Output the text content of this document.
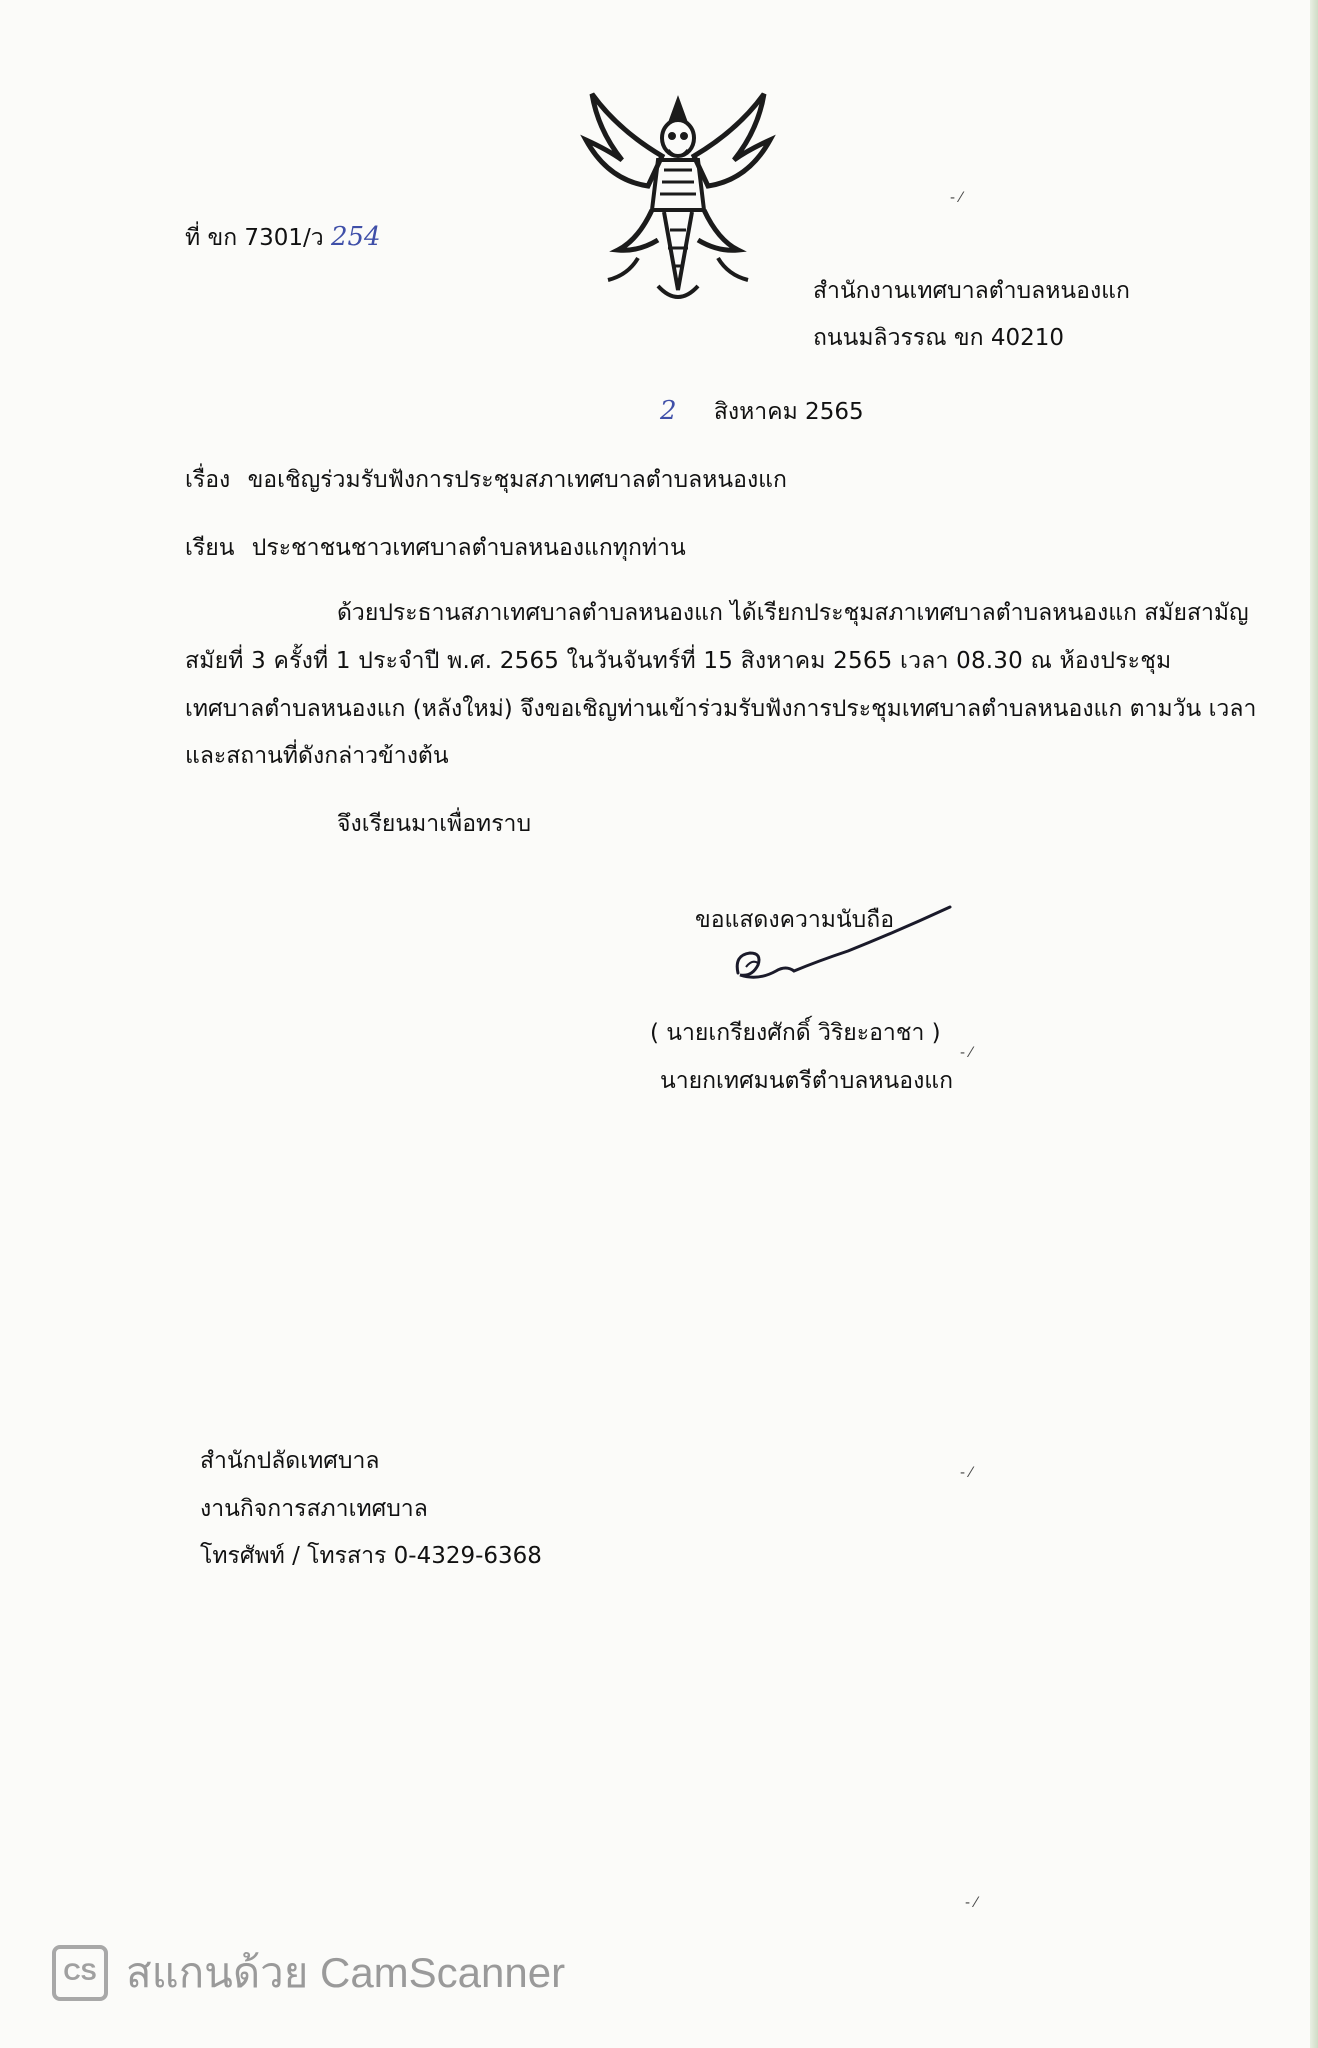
ที่ ขก 7301/ว 254
สำนักงานเทศบาลตำบลหนองแก
ถนนมลิวรรณ ขก 40210
2 สิงหาคม 2565
เรื่อง ขอเชิญร่วมรับฟังการประชุมสภาเทศบาลตำบลหนองแก
เรียน ประชาชนชาวเทศบาลตำบลหนองแกทุกท่าน
ด้วยประธานสภาเทศบาลตำบลหนองแก ได้เรียกประชุมสภาเทศบาลตำบลหนองแก สมัยสามัญ
สมัยที่ 3 ครั้งที่ 1 ประจำปี พ.ศ. 2565 ในวันจันทร์ที่ 15 สิงหาคม 2565 เวลา 08.30 ณ ห้องประชุม
เทศบาลตำบลหนองแก (หลังใหม่) จึงขอเชิญท่านเข้าร่วมรับฟังการประชุมเทศบาลตำบลหนองแก ตามวัน เวลา
และสถานที่ดังกล่าวข้างต้น
จึงเรียนมาเพื่อทราบ
ขอแสดงความนับถือ
( นายเกรียงศักดิ์ วิริยะอาชา )
นายกเทศมนตรีตำบลหนองแก
สำนักปลัดเทศบาล
งานกิจการสภาเทศบาล
โทรศัพท์ / โทรสาร 0-4329-6368
- ⁄
- ⁄
- ⁄
- ⁄
CS สแกนด้วย CamScanner
